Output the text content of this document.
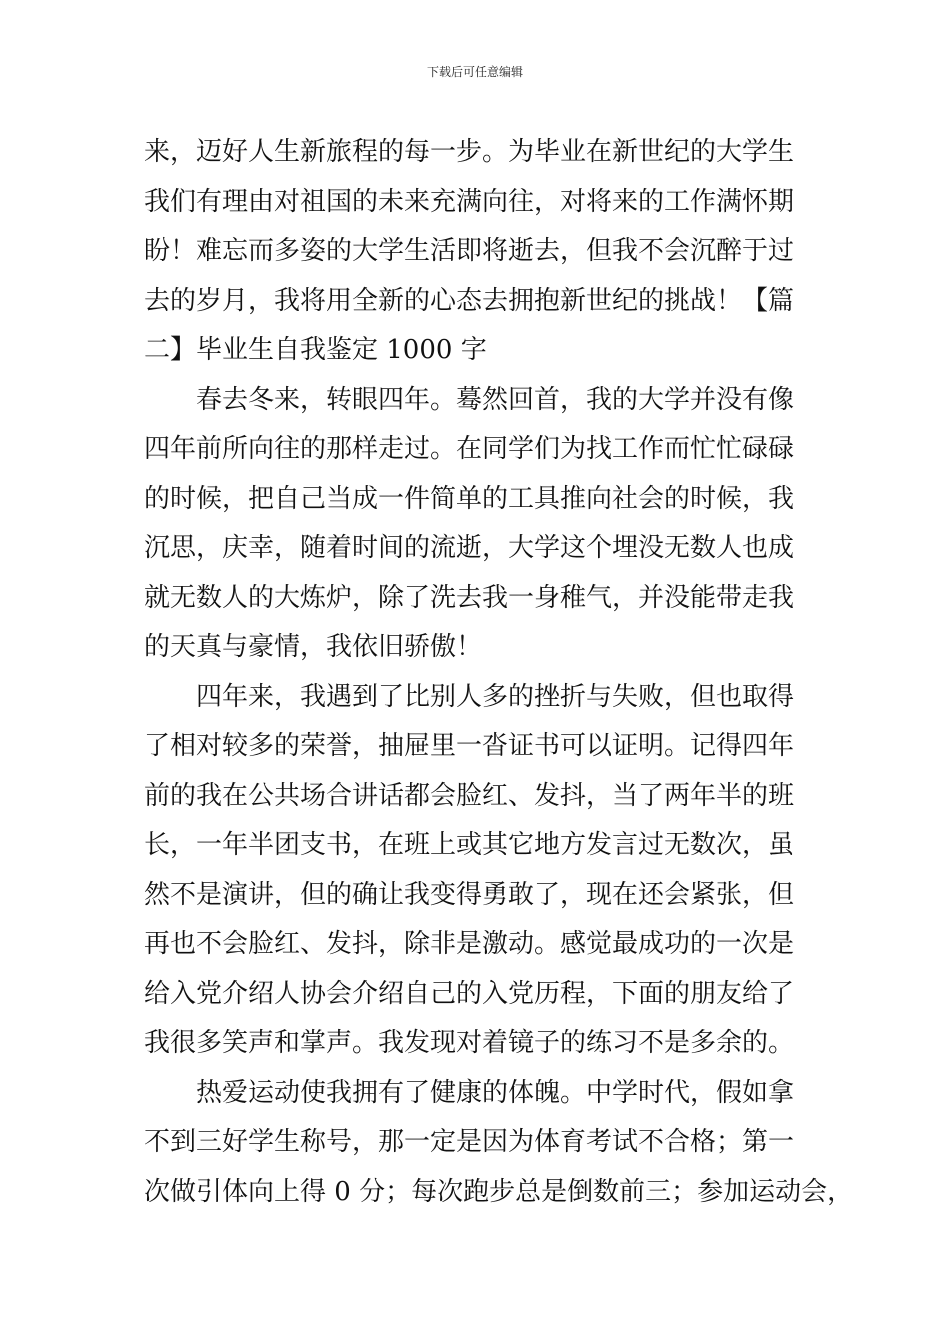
下载后可任意编辑
来，迈好人生新旅程的每一步。为毕业在新世纪的大学生
我们有理由对祖国的未来充满向往，对将来的工作满怀期
盼！难忘而多姿的大学生活即将逝去，但我不会沉醉于过
去的岁月，我将用全新的心态去拥抱新世纪的挑战！【篇
二】毕业生自我鉴定 1000 字
春去冬来，转眼四年。蓦然回首，我的大学并没有像
四年前所向往的那样走过。在同学们为找工作而忙忙碌碌
的时候，把自己当成一件简单的工具推向社会的时候，我
沉思，庆幸，随着时间的流逝，大学这个埋没无数人也成
就无数人的大炼炉，除了洗去我一身稚气，并没能带走我
的天真与豪情，我依旧骄傲！
四年来，我遇到了比别人多的挫折与失败，但也取得
了相对较多的荣誉，抽屉里一沓证书可以证明。记得四年
前的我在公共场合讲话都会脸红、发抖，当了两年半的班
长，一年半团支书，在班上或其它地方发言过无数次，虽
然不是演讲，但的确让我变得勇敢了，现在还会紧张，但
再也不会脸红、发抖，除非是激动。感觉最成功的一次是
给入党介绍人协会介绍自己的入党历程，下面的朋友给了
我很多笑声和掌声。我发现对着镜子的练习不是多余的。
热爱运动使我拥有了健康的体魄。中学时代，假如拿
不到三好学生称号，那一定是因为体育考试不合格；第一
次做引体向上得 0 分；每次跑步总是倒数前三；参加运动会，
